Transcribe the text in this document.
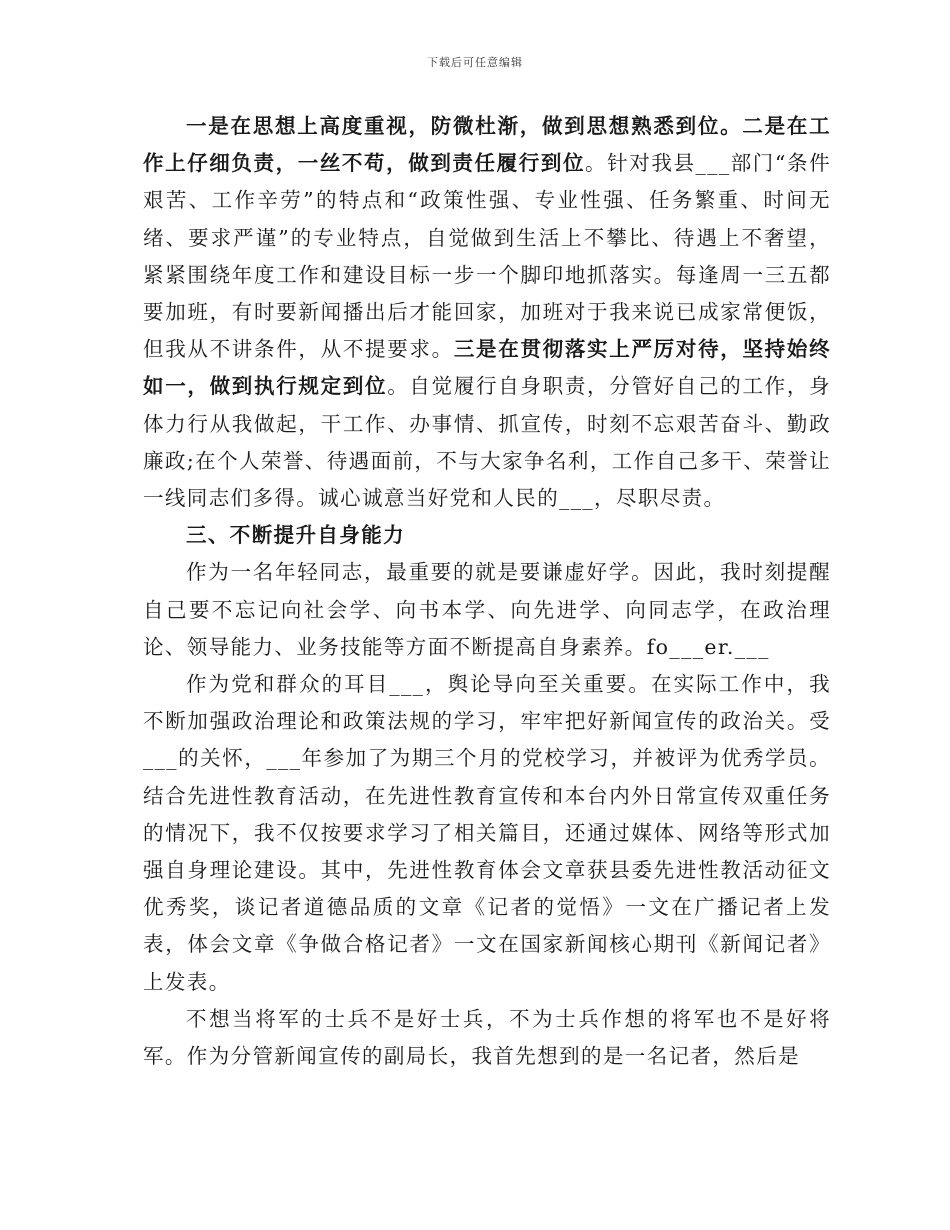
下载后可任意编辑

一是在思想上高度重视，防微杜渐，做到思想熟悉到位。二是在工作上仔细负责，一丝不苟，做到责任履行到位。针对我县___部门“条件艰苦、工作辛劳”的特点和“政策性强、专业性强、任务繁重、时间无绪、要求严谨”的专业特点，自觉做到生活上不攀比、待遇上不奢望，紧紧围绕年度工作和建设目标一步一个脚印地抓落实。每逢周一三五都要加班，有时要新闻播出后才能回家，加班对于我来说已成家常便饭，但我从不讲条件，从不提要求。三是在贯彻落实上严厉对待，坚持始终如一，做到执行规定到位。自觉履行自身职责，分管好自己的工作，身体力行从我做起，干工作、办事情、抓宣传，时刻不忘艰苦奋斗、勤政廉政;在个人荣誉、待遇面前，不与大家争名利，工作自己多干、荣誉让一线同志们多得。诚心诚意当好党和人民的___，尽职尽责。

三、不断提升自身能力

作为一名年轻同志，最重要的就是要谦虚好学。因此，我时刻提醒自己要不忘记向社会学、向书本学、向先进学、向同志学，在政治理论、领导能力、业务技能等方面不断提高自身素养。fo___er.___

作为党和群众的耳目___，舆论导向至关重要。在实际工作中，我不断加强政治理论和政策法规的学习，牢牢把好新闻宣传的政治关。受___的关怀，___年参加了为期三个月的党校学习，并被评为优秀学员。结合先进性教育活动，在先进性教育宣传和本台内外日常宣传双重任务的情况下，我不仅按要求学习了相关篇目，还通过媒体、网络等形式加强自身理论建设。其中，先进性教育体会文章获县委先进性教活动征文优秀奖，谈记者道德品质的文章《记者的觉悟》一文在广播记者上发表，体会文章《争做合格记者》一文在国家新闻核心期刊《新闻记者》上发表。

不想当将军的士兵不是好士兵，不为士兵作想的将军也不是好将军。作为分管新闻宣传的副局长，我首先想到的是一名记者，然后是
